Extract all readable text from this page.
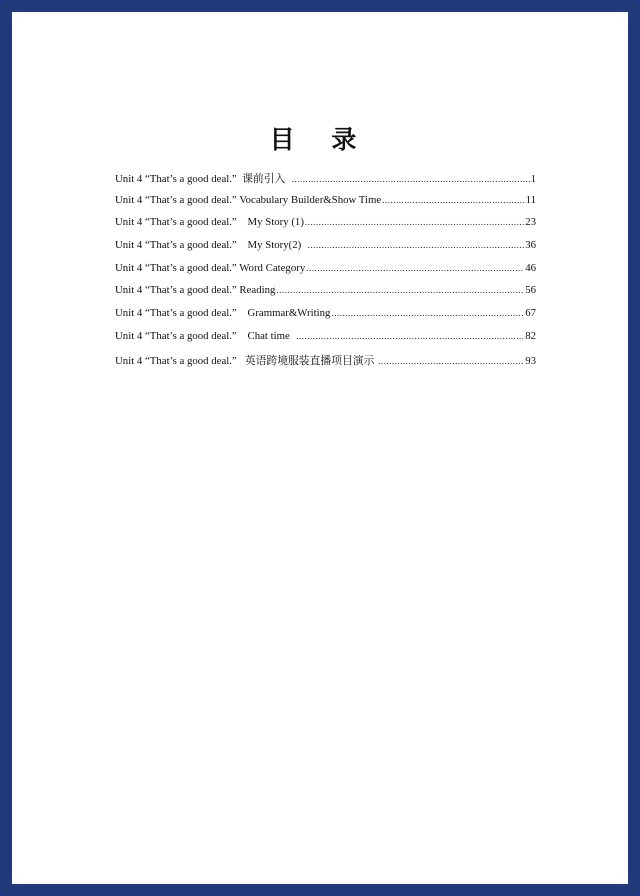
目 录
Unit 4 “That’s a good deal.”  课前引入 .....	1
Unit 4 “That’s a good deal.” Vocabulary Builder&Show Time .....	11
Unit 4 “That’s a good deal.”    My Story (1) .....	23
Unit 4 “That’s a good deal.”    My Story(2) .....	36
Unit 4 “That’s a good deal.” Word Category .....	46
Unit 4 “That’s a good deal.” Reading .....	56
Unit 4 “That’s a good deal.”    Grammar&Writing .....	67
Unit 4 “That’s a good deal.”    Chat time .....	82
Unit 4 “That’s a good deal.”   英语跨境服装直播项目演示 .....	93
